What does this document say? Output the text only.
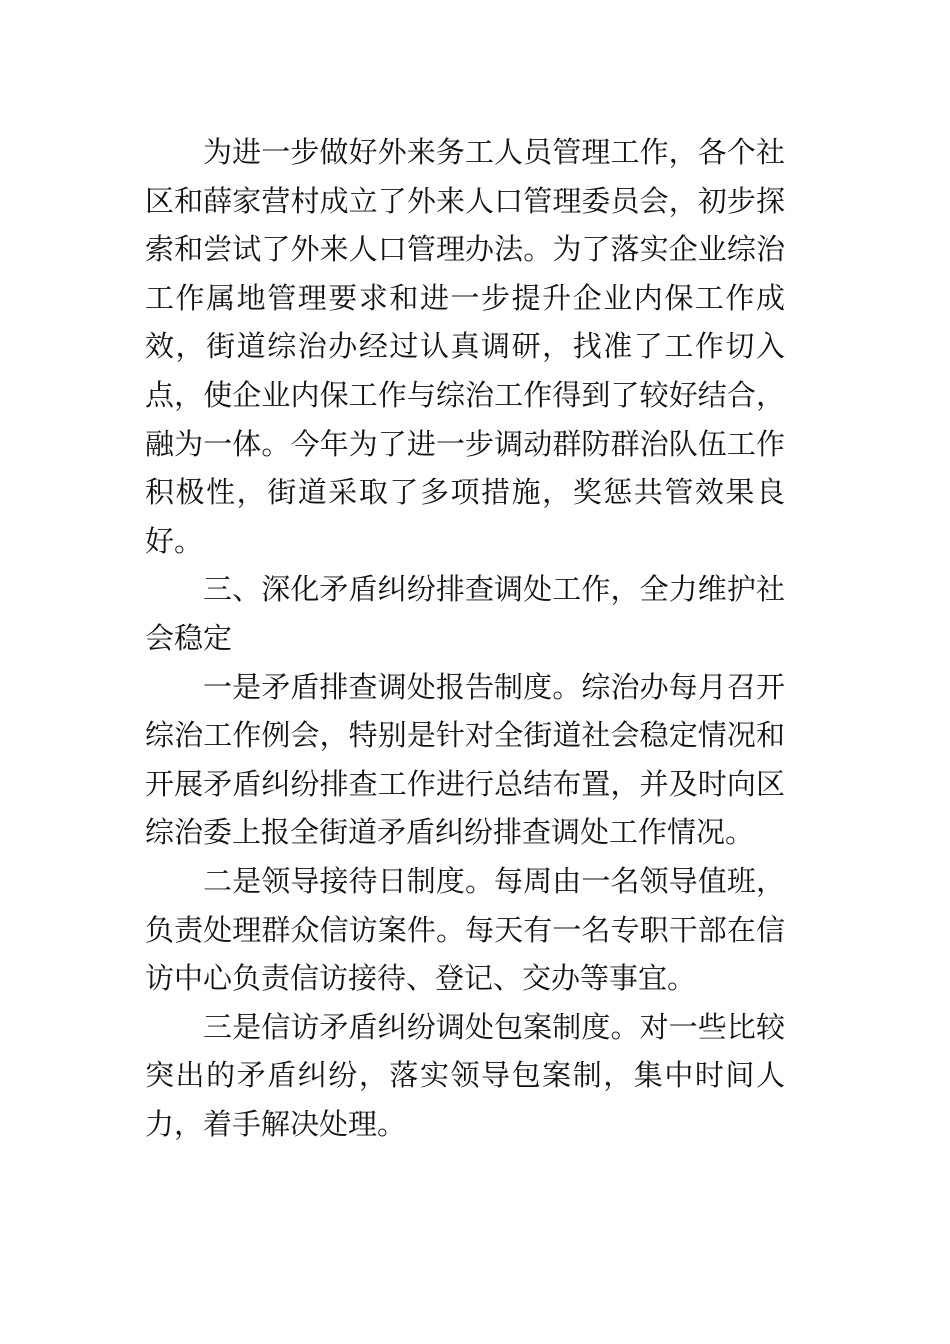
为进一步做好外来务工人员管理工作，各个社区和薛家营村成立了外来人口管理委员会，初步探索和尝试了外来人口管理办法。为了落实企业综治工作属地管理要求和进一步提升企业内保工作成效，街道综治办经过认真调研，找准了工作切入点，使企业内保工作与综治工作得到了较好结合，融为一体。今年为了进一步调动群防群治队伍工作积极性，街道采取了多项措施，奖惩共管效果良好。

三、深化矛盾纠纷排查调处工作，全力维护社会稳定

一是矛盾排查调处报告制度。综治办每月召开综治工作例会，特别是针对全街道社会稳定情况和开展矛盾纠纷排查工作进行总结布置，并及时向区综治委上报全街道矛盾纠纷排查调处工作情况。

二是领导接待日制度。每周由一名领导值班，负责处理群众信访案件。每天有一名专职干部在信访中心负责信访接待、登记、交办等事宜。

三是信访矛盾纠纷调处包案制度。对一些比较突出的矛盾纠纷，落实领导包案制，集中时间人力，着手解决处理。
